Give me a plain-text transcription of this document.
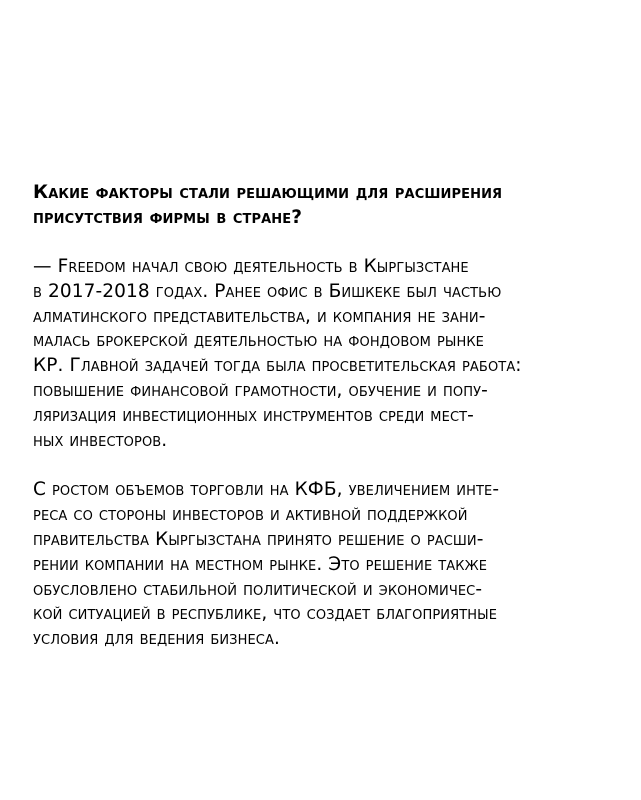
Какие факторы стали решающими для расширения
присутствия фирмы в стране?

— Freedom начал свою деятельность в Кыргызстане
в 2017-2018 годах. Ранее офис в Бишкеке был частью
алматинского представительства, и компания не зани-
малась брокерской деятельностью на фондовом рынке
КР. Главной задачей тогда была просветительская работа:
повышение финансовой грамотности, обучение и попу-
ляризация инвестиционных инструментов среди мест-
ных инвесторов.

С ростом объемов торговли на КФБ, увеличением инте-
реса со стороны инвесторов и активной поддержкой
правительства Кыргызстана принято решение о расши-
рении компании на местном рынке. Это решение также
обусловлено стабильной политической и экономичес-
кой ситуацией в республике, что создает благоприятные
условия для ведения бизнеса.
